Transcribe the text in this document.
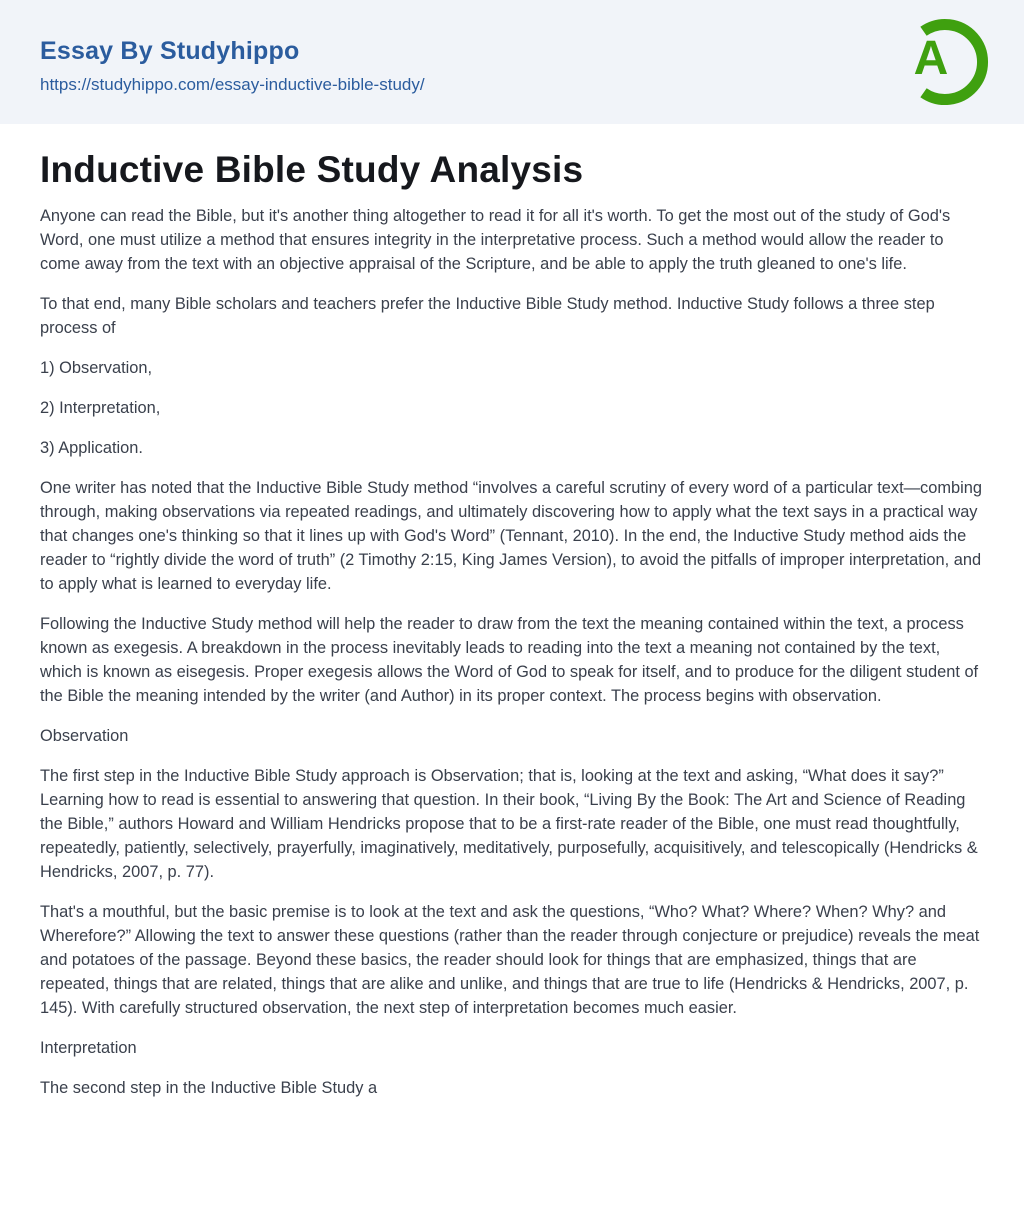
Essay By Studyhippo
https://studyhippo.com/essay-inductive-bible-study/	A
Inductive Bible Study Analysis

Anyone can read the Bible, but it's another thing altogether to read it for all it's worth. To get the most out of the study of God's Word, one must utilize a method that ensures integrity in the interpretative process. Such a method would allow the reader to come away from the text with an objective appraisal of the Scripture, and be able to apply the truth gleaned to one's life.

To that end, many Bible scholars and teachers prefer the Inductive Bible Study method. Inductive Study follows a three step process of

1) Observation,

2) Interpretation,

3) Application.

One writer has noted that the Inductive Bible Study method “involves a careful scrutiny of every word of a particular text—combing through, making observations via repeated readings, and ultimately discovering how to apply what the text says in a practical way that changes one's thinking so that it lines up with God's Word” (Tennant, 2010). In the end, the Inductive Study method aids the reader to “rightly divide the word of truth” (2 Timothy 2:15, King James Version), to avoid the pitfalls of improper interpretation, and to apply what is learned to everyday life.

Following the Inductive Study method will help the reader to draw from the text the meaning contained within the text, a process known as exegesis. A breakdown in the process inevitably leads to reading into the text a meaning not contained by the text, which is known as eisegesis. Proper exegesis allows the Word of God to speak for itself, and to produce for the diligent student of the Bible the meaning intended by the writer (and Author) in its proper context. The process begins with observation.

Observation

The first step in the Inductive Bible Study approach is Observation; that is, looking at the text and asking, “What does it say?” Learning how to read is essential to answering that question. In their book, “Living By the Book: The Art and Science of Reading the Bible,” authors Howard and William Hendricks propose that to be a first-rate reader of the Bible, one must read thoughtfully, repeatedly, patiently, selectively, prayerfully, imaginatively, meditatively, purposefully, acquisitively, and telescopically (Hendricks & Hendricks, 2007, p. 77).

That's a mouthful, but the basic premise is to look at the text and ask the questions, “Who? What? Where? When? Why? and Wherefore?” Allowing the text to answer these questions (rather than the reader through conjecture or prejudice) reveals the meat and potatoes of the passage. Beyond these basics, the reader should look for things that are emphasized, things that are repeated, things that are related, things that are alike and unlike, and things that are true to life (Hendricks & Hendricks, 2007, p. 145). With carefully structured observation, the next step of interpretation becomes much easier.

Interpretation

The second step in the Inductive Bible Study a
